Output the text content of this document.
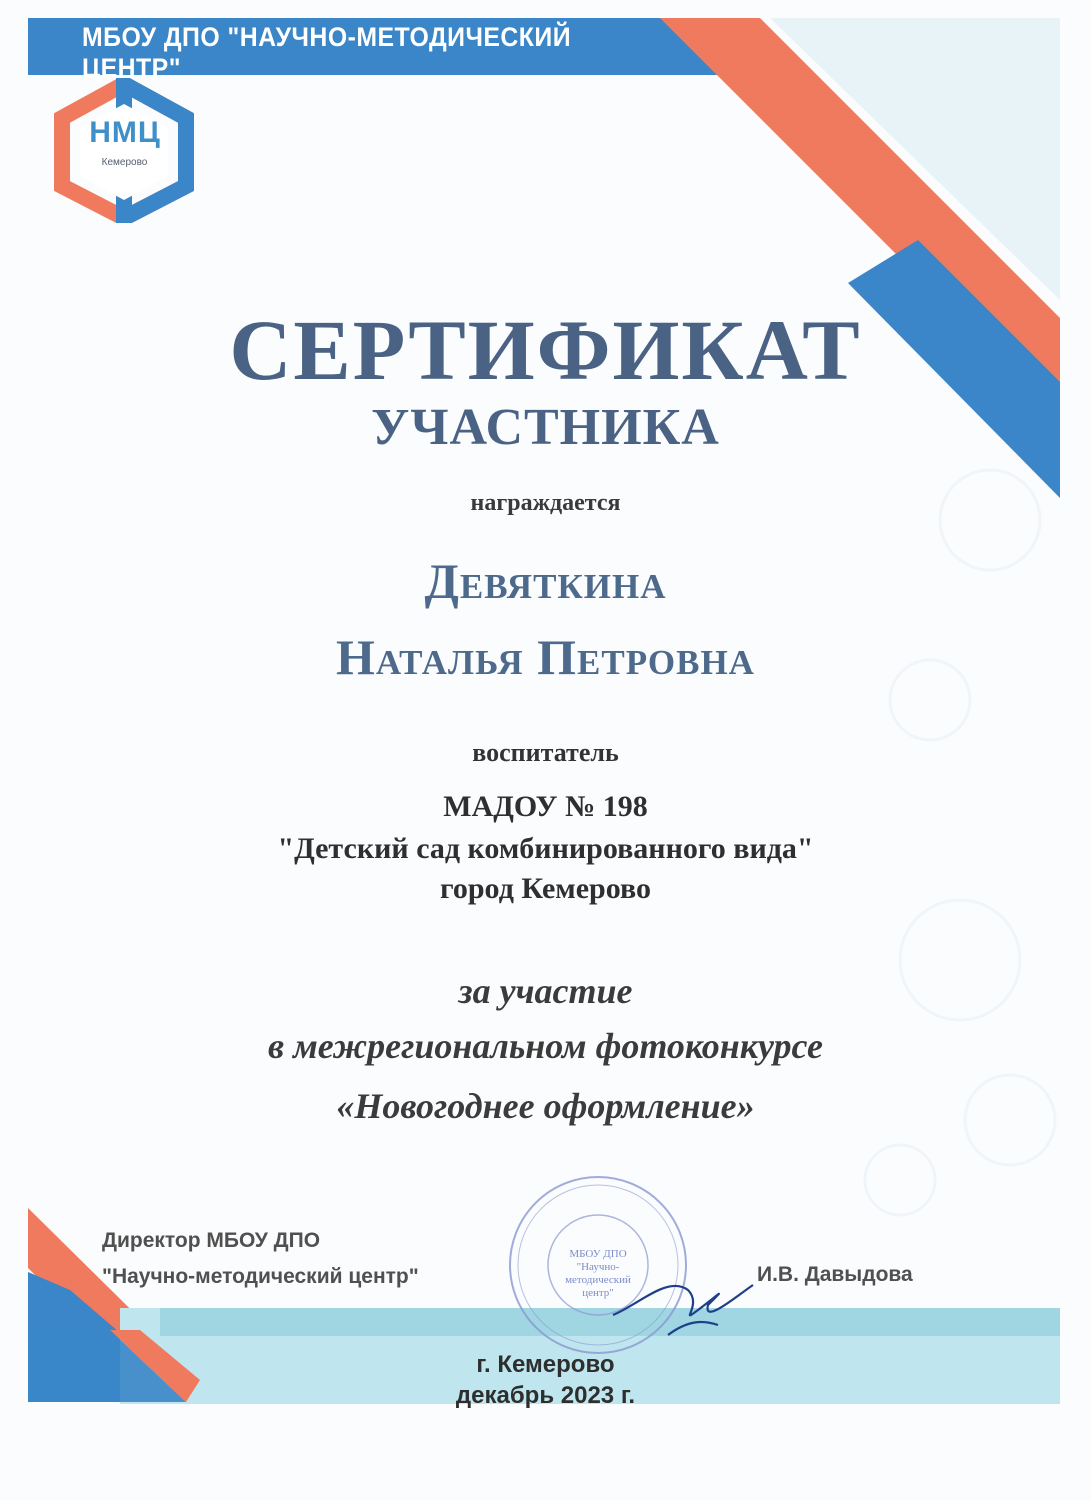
МБОУ ДПО "НАУЧНО-МЕТОДИЧЕСКИЙ ЦЕНТР"
НМЦ
Кемерово
СЕРТИФИКАТ
УЧАСТНИКА
награждается
Девяткина
Наталья Петровна
воспитатель
МАДОУ № 198
"Детский сад комбинированного вида"
город Кемерово
за участие
в межрегиональном фотоконкурсе
«Новогоднее оформление»
МБОУ ДПО "Научно-методический центр"
Директор МБОУ ДПО
"Научно-методический центр"	И.В. Давыдова
г. Кемерово
декабрь 2023 г.
